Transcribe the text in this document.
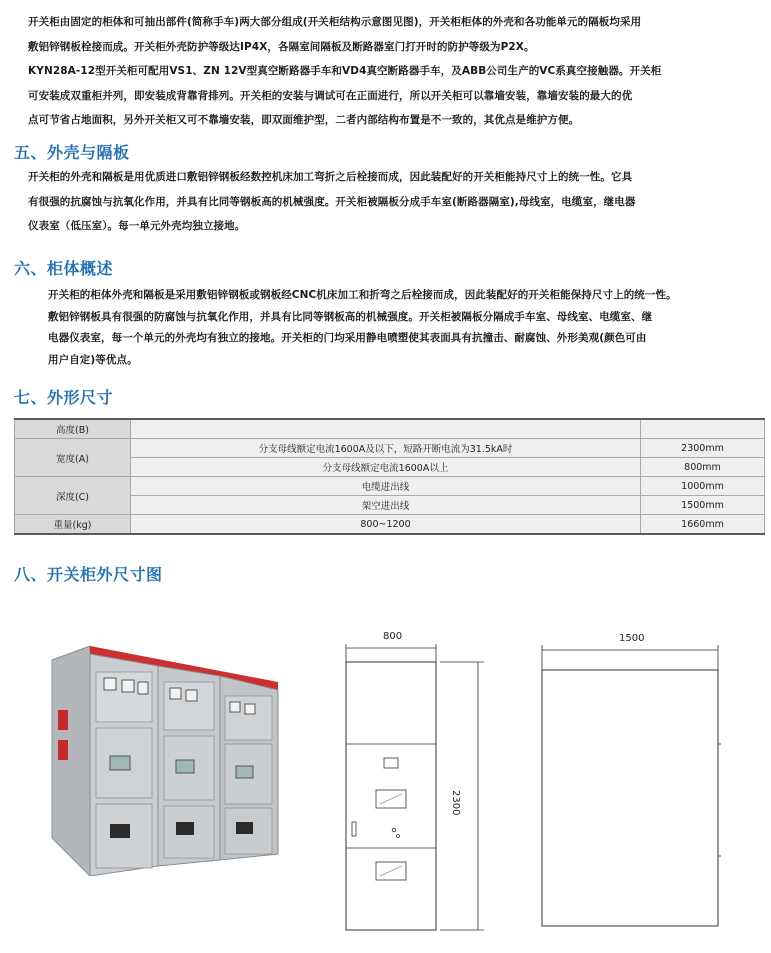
开关柜由固定的柜体和可抽出部件(简称手车)两大部分组成(开关柜结构示意图见图)，开关柜柜体的外壳和各功能单元的隔板均采用
敷铝锌钢板栓接而成。开关柜外壳防护等级达IP4X，各隔室间隔板及断路器室门打开时的防护等级为P2X。
KYN28A-12型开关柜可配用VS1、ZN 12V型真空断路器手车和VD4真空断路器手车，及ABB公司生产的VC系真空接触器。开关柜
可安装成双重柜并列，即安装成背靠背排列。开关柜的安装与调试可在正面进行，所以开关柜可以靠墙安装，靠墙安装的最大的优
点可节省占地面积，另外开关柜又可不靠墙安装，即双面维护型，二者内部结构布置是不一致的，其优点是维护方便。
五、外壳与隔板
开关柜的外壳和隔板是用优质进口敷铝锌钢板经数控机床加工弯折之后栓接而成，因此装配好的开关柜能持尺寸上的统一性。它具
有很强的抗腐蚀与抗氧化作用，并具有比同等钢板高的机械强度。开关柜被隔板分成手车室(断路器隔室),母线室，电缆室，继电器
仪表室（低压室）。每一单元外壳均独立接地。
六、柜体概述
开关柜的柜体外壳和隔板是采用敷铝锌钢板或钢板经CNC机床加工和折弯之后栓接而成，因此装配好的开关柜能保持尺寸上的统一性。
敷铝锌钢板具有很强的防腐蚀与抗氧化作用，并具有比同等钢板高的机械强度。开关柜被隔板分隔成手车室、母线室、电缆室、继
电器仪表室，每一个单元的外壳均有独立的接地。开关柜的门均采用静电喷塑使其表面具有抗撞击、耐腐蚀、外形美观(颜色可由
用户自定)等优点。
七、外形尺寸
高度(B)		
宽度(A)	分支母线额定电流1600A及以下，短路开断电流为31.5kA时	2300mm
	分支母线额定电流1600A以上	800mm
深度(C)	电缆进出线	1000mm
	架空进出线	1500mm
重量(kg)	800~1200	1660mm
八、开关柜外尺寸图
800
2300
1500
